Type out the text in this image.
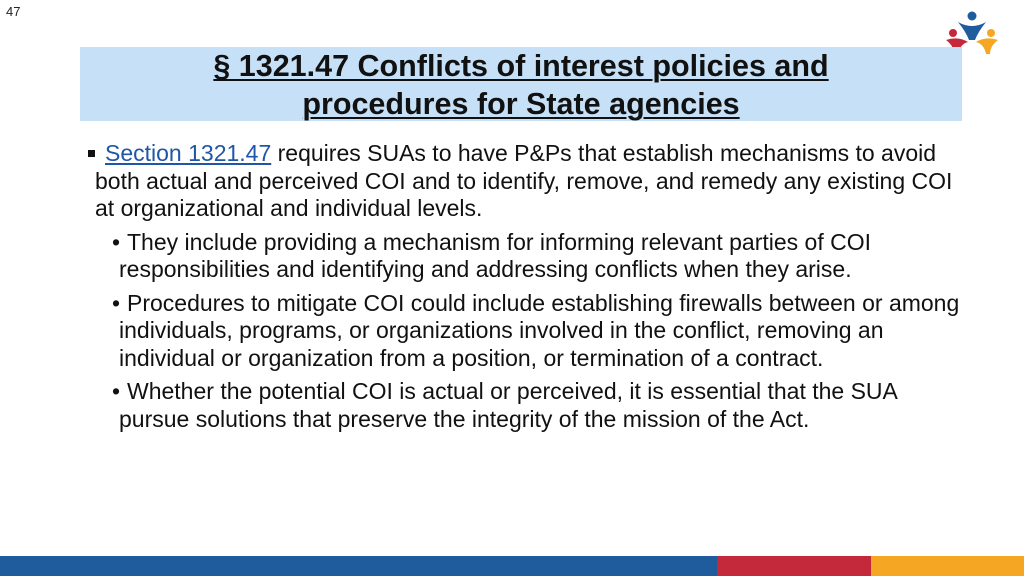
47
§ 1321.47 Conflicts of interest policies and
procedures for State agencies
Section 1321.47 requires SUAs to have P&Ps that establish mechanisms to avoid both actual and perceived COI and to identify, remove, and remedy any existing COI at organizational and individual levels.
• They include providing a mechanism for informing relevant parties of COI responsibilities and identifying and addressing conflicts when they arise.
• Procedures to mitigate COI could include establishing firewalls between or among individuals, programs, or organizations involved in the conflict, removing an individual or organization from a position, or termination of a contract.
• Whether the potential COI is actual or perceived, it is essential that the SUA pursue solutions that preserve the integrity of the mission of the Act.
